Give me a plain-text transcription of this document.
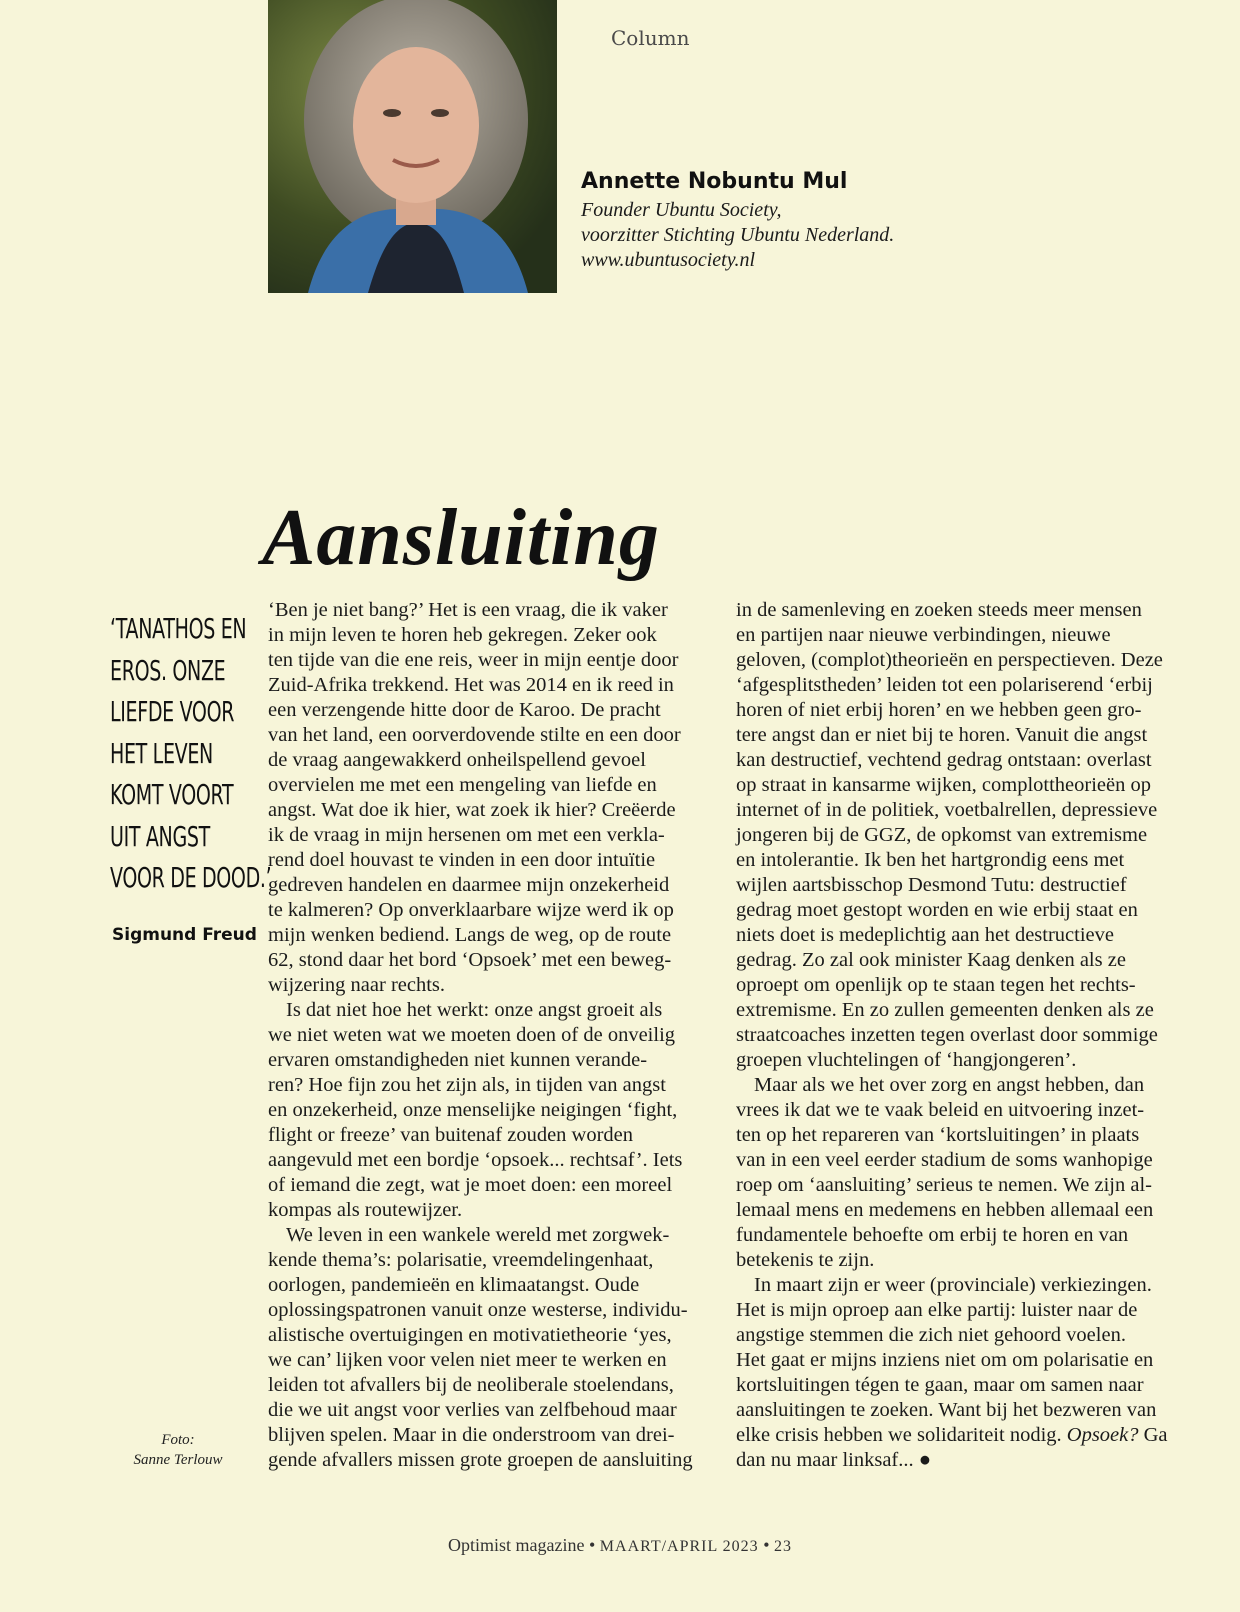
Column
Annette Nobuntu Mul

Founder Ubuntu Society,

voorzitter Stichting Ubuntu Nederland.

www.ubuntusociety.nl

Aansluiting
‘TANATHOS EN
EROS. ONZE
LIEFDE VOOR
HET LEVEN
KOMT VOORT
UIT ANGST
VOOR DE DOOD.’
Sigmund Freud
Foto:
Sanne Terlouw
‘Ben je niet bang?’ Het is een vraag, die ik vaker
in mijn leven te horen heb gekregen. Zeker ook
ten tijde van die ene reis, weer in mijn eentje door
Zuid-Afrika trekkend. Het was 2014 en ik reed in
een verzengende hitte door de Karoo. De pracht
van het land, een oorverdovende stilte en een door
de vraag aangewakkerd onheilspellend gevoel
overvielen me met een mengeling van liefde en
angst. Wat doe ik hier, wat zoek ik hier? Creëerde
ik de vraag in mijn hersenen om met een verkla-
rend doel houvast te vinden in een door intuïtie
gedreven handelen en daarmee mijn onzekerheid
te kalmeren? Op onverklaarbare wijze werd ik op
mijn wenken bediend. Langs de weg, op de route
62, stond daar het bord ‘Opsoek’ met een beweg-
wijzering naar rechts.
Is dat niet hoe het werkt: onze angst groeit als
we niet weten wat we moeten doen of de onveilig
ervaren omstandigheden niet kunnen verande-
ren? Hoe fijn zou het zijn als, in tijden van angst
en onzekerheid, onze menselijke neigingen ‘fight,
flight or freeze’ van buitenaf zouden worden
aangevuld met een bordje ‘opsoek... rechtsaf’. Iets
of iemand die zegt, wat je moet doen: een moreel
kompas als routewijzer.
We leven in een wankele wereld met zorgwek-
kende thema’s: polarisatie, vreemdelingenhaat,
oorlogen, pandemieën en klimaatangst. Oude
oplossingspatronen vanuit onze westerse, individu-
alistische overtuigingen en motivatietheorie ‘yes,
we can’ lijken voor velen niet meer te werken en
leiden tot afvallers bij de neoliberale stoelendans,
die we uit angst voor verlies van zelfbehoud maar
blijven spelen. Maar in die onderstroom van drei-
gende afvallers missen grote groepen de aansluiting
in de samenleving en zoeken steeds meer mensen
en partijen naar nieuwe verbindingen, nieuwe
geloven, (complot)theorieën en perspectieven. Deze
‘afgesplitstheden’ leiden tot een polariserend ‘erbij
horen of niet erbij horen’ en we hebben geen gro-
tere angst dan er niet bij te horen. Vanuit die angst
kan destructief, vechtend gedrag ontstaan: overlast
op straat in kansarme wijken, complottheorieën op
internet of in de politiek, voetbalrellen, depressieve
jongeren bij de GGZ, de opkomst van extremisme
en intolerantie. Ik ben het hartgrondig eens met
wijlen aartsbisschop Desmond Tutu: destructief
gedrag moet gestopt worden en wie erbij staat en
niets doet is medeplichtig aan het destructieve
gedrag. Zo zal ook minister Kaag denken als ze
oproept om openlijk op te staan tegen het rechts-
extremisme. En zo zullen gemeenten denken als ze
straatcoaches inzetten tegen overlast door sommige
groepen vluchtelingen of ‘hangjongeren’.
Maar als we het over zorg en angst hebben, dan
vrees ik dat we te vaak beleid en uitvoering inzet-
ten op het repareren van ‘kortsluitingen’ in plaats
van in een veel eerder stadium de soms wanhopige
roep om ‘aansluiting’ serieus te nemen. We zijn al-
lemaal mens en medemens en hebben allemaal een
fundamentele behoefte om erbij te horen en van
betekenis te zijn.
In maart zijn er weer (provinciale) verkiezingen.
Het is mijn oproep aan elke partij: luister naar de
angstige stemmen die zich niet gehoord voelen.
Het gaat er mijns inziens niet om om polarisatie en
kortsluitingen tégen te gaan, maar om samen naar
aansluitingen te zoeken. Want bij het bezweren van
elke crisis hebben we solidariteit nodig. Opsoek? Ga
dan nu maar linksaf... ●
Optimist magazine • MAART/APRIL 2023 • 23
